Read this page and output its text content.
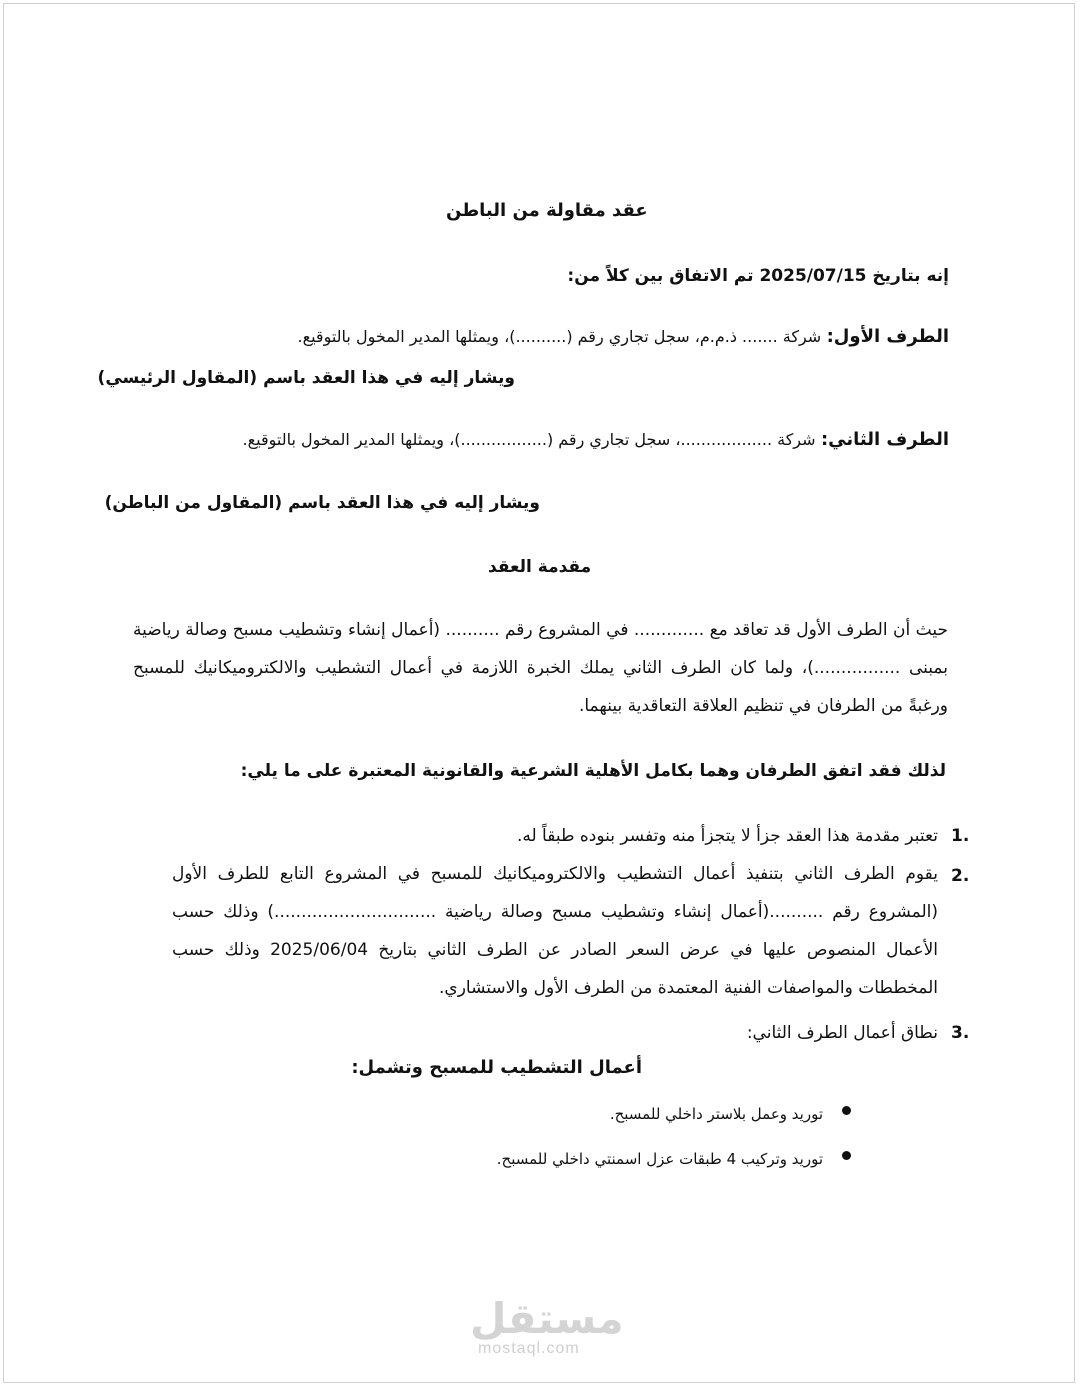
عقد مقاولة من الباطن
إنه بتاريخ 2025/07/15 تم الاتفاق بين كلاً من:
الطرف الأول: شركة ....... ذ.م.م، سجل تجاري رقم (..........)، ويمثلها المدير المخول بالتوقيع.
ويشار إليه في هذا العقد باسم (المقاول الرئيسي)
الطرف الثاني: شركة ..................، سجل تجاري رقم (.................)، ويمثلها المدير المخول بالتوقيع.
ويشار إليه في هذا العقد باسم (المقاول من الباطن)
مقدمة العقد
حيث أن الطرف الأول قد تعاقد مع ............. في المشروع رقم .......... (أعمال إنشاء وتشطيب مسبح وصالة رياضية بمبنى ................)، ولما كان الطرف الثاني يملك الخبرة اللازمة في أعمال التشطيب والالكتروميكانيك للمسبح ورغبةً من الطرفان في تنظيم العلاقة التعاقدية بينهما.
لذلك فقد اتفق الطرفان وهما بكامل الأهلية الشرعية والقانونية المعتبرة على ما يلي:
1.
تعتبر مقدمة هذا العقد جزأ لا يتجزأ منه وتفسر بنوده طبقاً له.
2.
يقوم الطرف الثاني بتنفيذ أعمال التشطيب والالكتروميكانيك للمسبح في المشروع التابع للطرف الأول (المشروع رقم ..........(أعمال إنشاء وتشطيب مسبح وصالة رياضية ..............................) وذلك حسب الأعمال المنصوص عليها في عرض السعر الصادر عن الطرف الثاني بتاريخ 2025/06/04 وذلك حسب المخططات والمواصفات الفنية المعتمدة من الطرف الأول والاستشاري.
3.
نطاق أعمال الطرف الثاني:
أعمال التشطيب للمسبح وتشمل:
توريد وعمل بلاستر داخلي للمسبح.
توريد وتركيب 4 طبقات عزل اسمنتي داخلي للمسبح.
مستقل
mostaql.com
